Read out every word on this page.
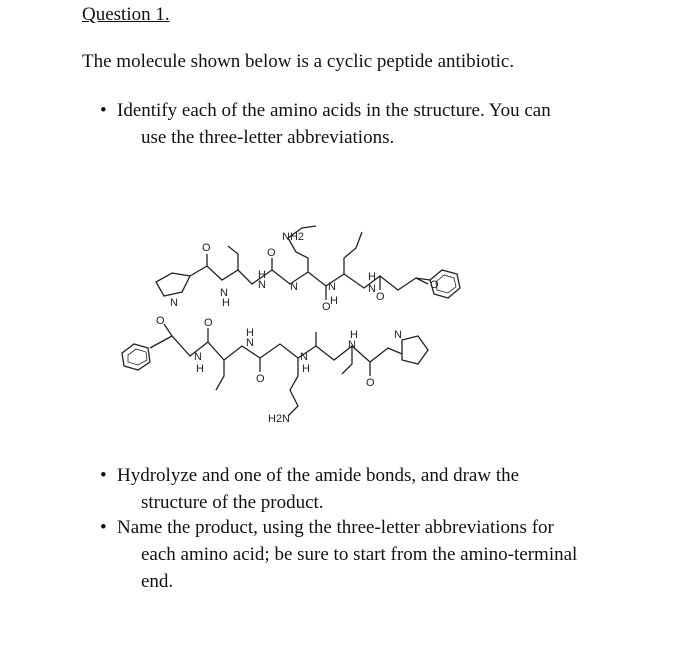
Question 1.
The molecule shown below is a cyclic peptide antibiotic.
• Identify each of the amino acids in the structure. You can
use the three-letter abbreviations.
NH2
H2N
O	O
O
O
O	O
O	O
O
N
N
N N	N	N
N
N
N
N
N
H
H
H
H
H
H
H
H
• Hydrolyze and one of the amide bonds, and draw the
structure of the product.
• Name the product, using the three-letter abbreviations for
each amino acid; be sure to start from the amino-terminal
end.
